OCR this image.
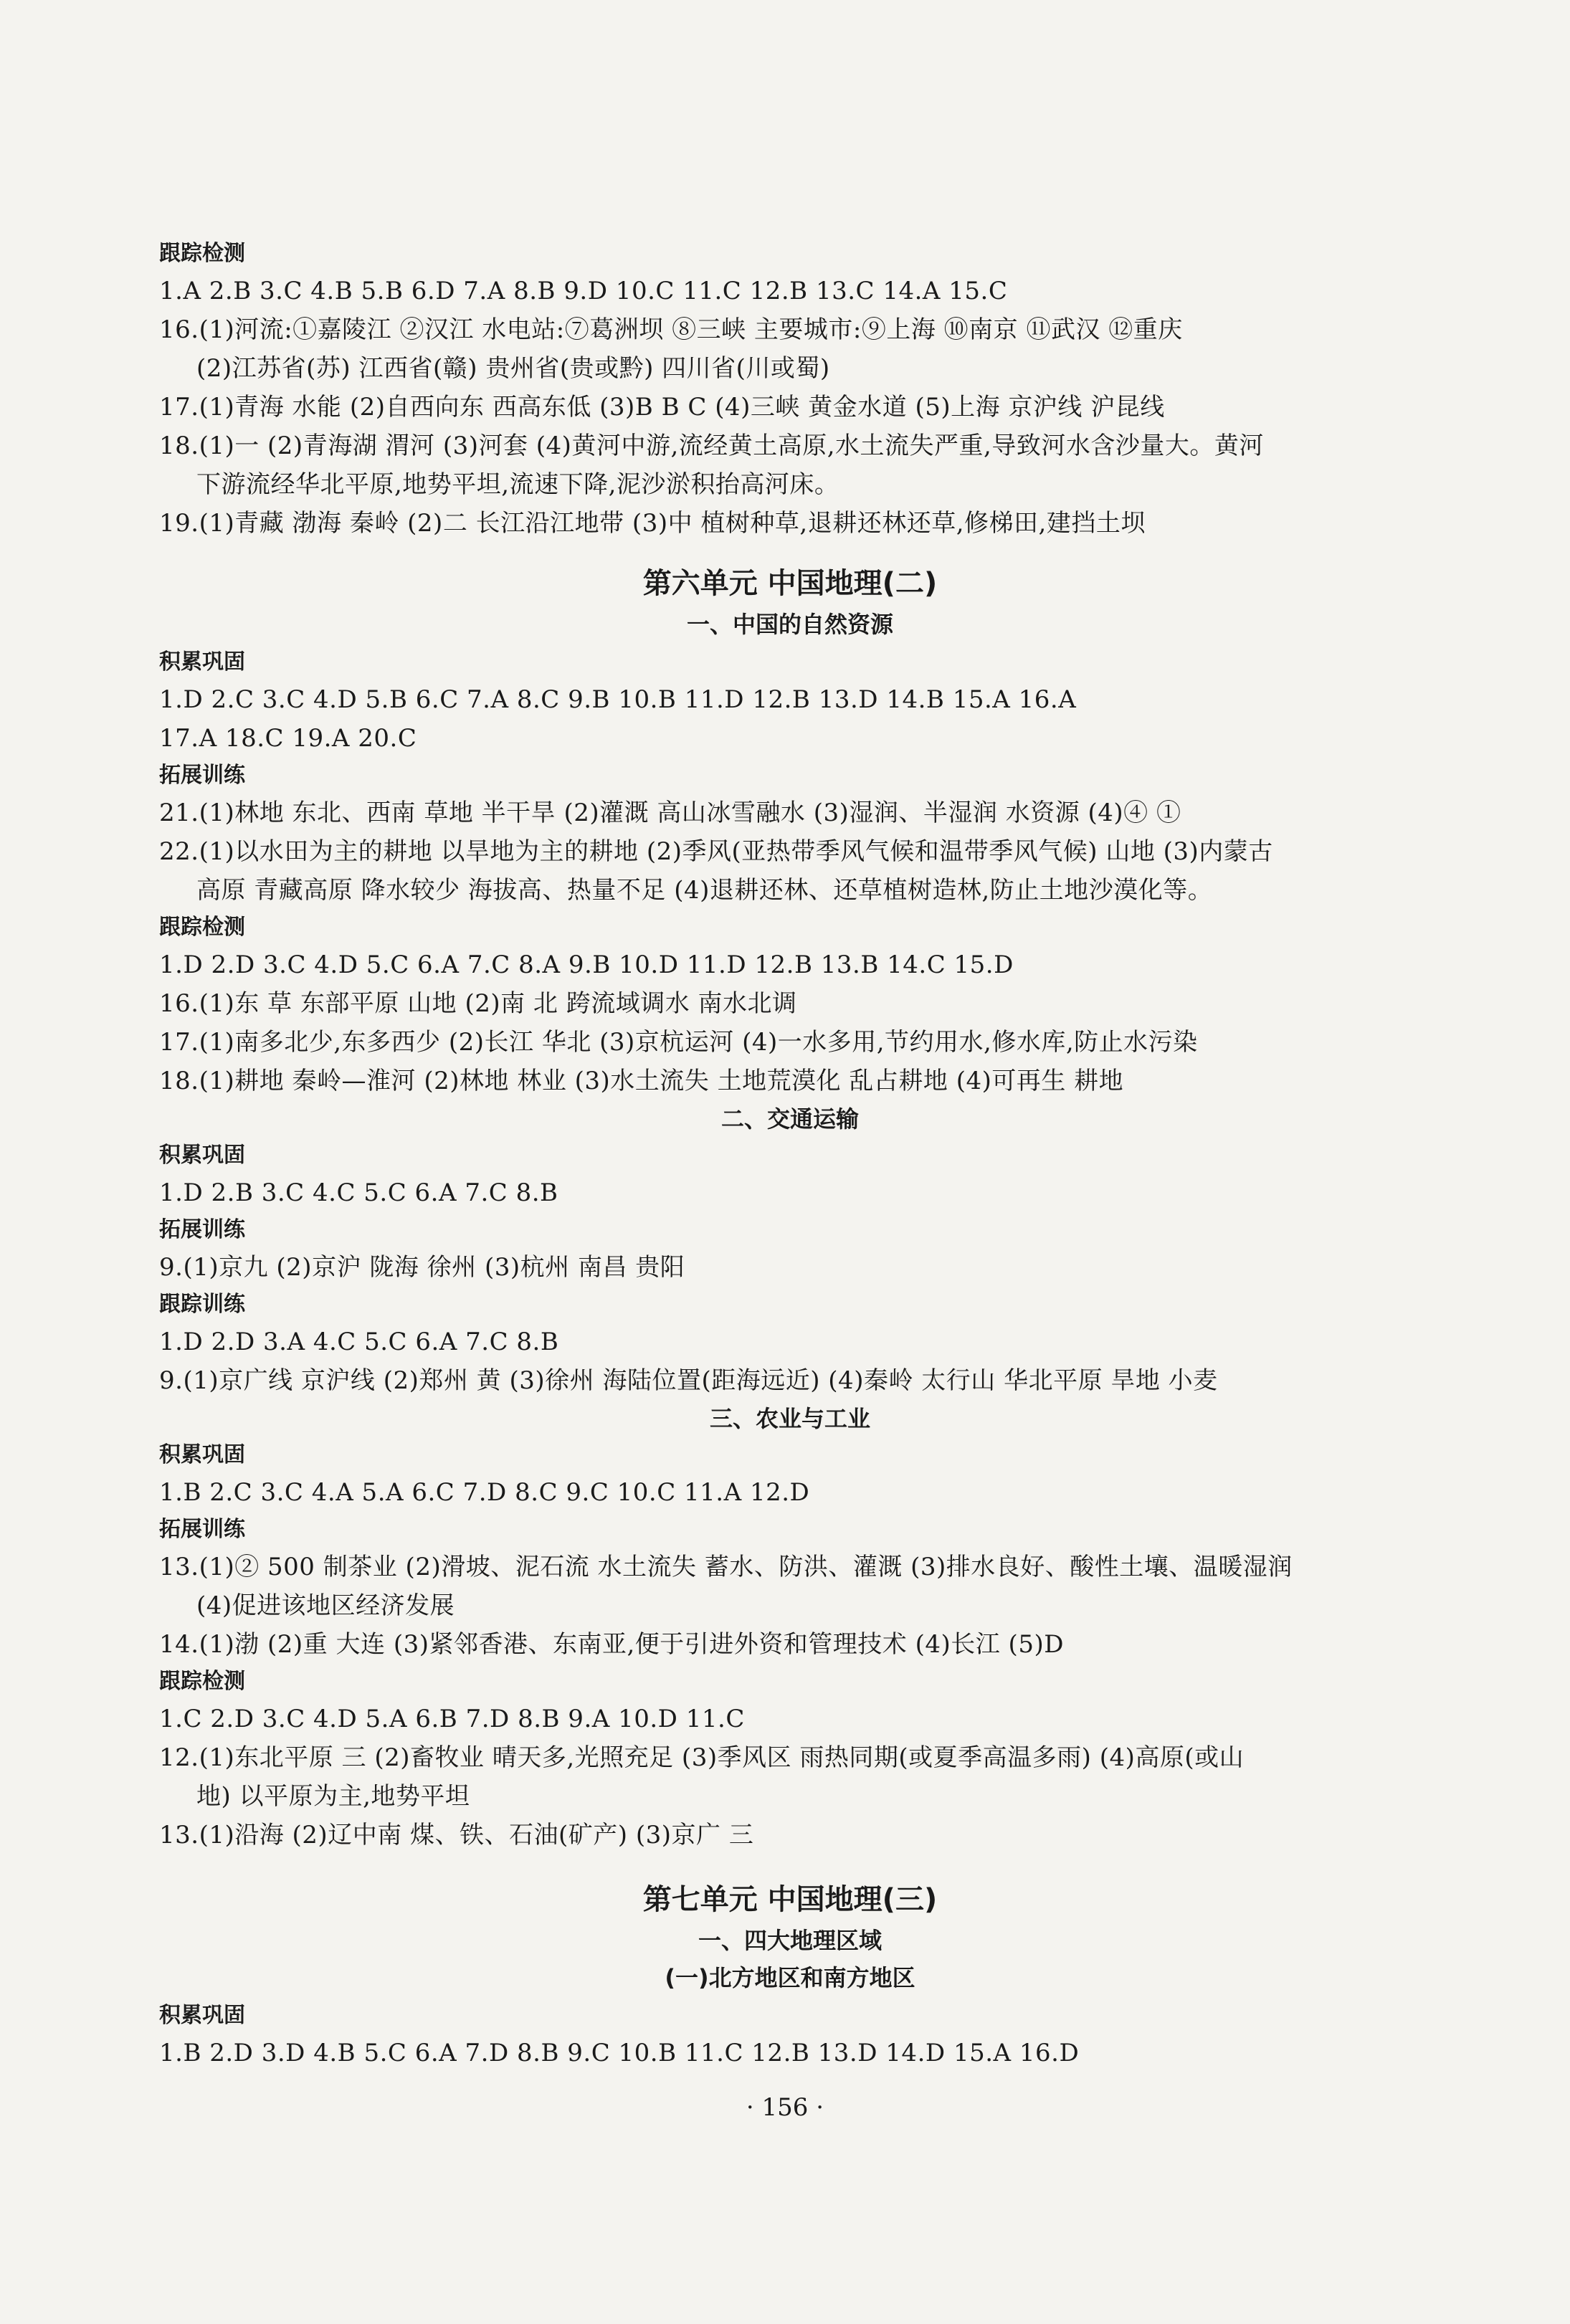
跟踪检测
1.A 2.B 3.C 4.B 5.B 6.D 7.A 8.B 9.D 10.C 11.C 12.B 13.C 14.A 15.C
16.(1)河流:①嘉陵江 ②汉江 水电站:⑦葛洲坝 ⑧三峡 主要城市:⑨上海 ⑩南京 ⑪武汉 ⑫重庆
(2)江苏省(苏) 江西省(赣) 贵州省(贵或黔) 四川省(川或蜀)
17.(1)青海 水能 (2)自西向东 西高东低 (3)B B C (4)三峡 黄金水道 (5)上海 京沪线 沪昆线
18.(1)一 (2)青海湖 渭河 (3)河套 (4)黄河中游,流经黄土高原,水土流失严重,导致河水含沙量大。黄河
下游流经华北平原,地势平坦,流速下降,泥沙淤积抬高河床。
19.(1)青藏 渤海 秦岭 (2)二 长江沿江地带 (3)中 植树种草,退耕还林还草,修梯田,建挡土坝
第六单元 中国地理(二)
一、中国的自然资源
积累巩固
1.D 2.C 3.C 4.D 5.B 6.C 7.A 8.C 9.B 10.B 11.D 12.B 13.D 14.B 15.A 16.A
17.A 18.C 19.A 20.C
拓展训练
21.(1)林地 东北、西南 草地 半干旱 (2)灌溉 高山冰雪融水 (3)湿润、半湿润 水资源 (4)④ ①
22.(1)以水田为主的耕地 以旱地为主的耕地 (2)季风(亚热带季风气候和温带季风气候) 山地 (3)内蒙古
高原 青藏高原 降水较少 海拔高、热量不足 (4)退耕还林、还草植树造林,防止土地沙漠化等。
跟踪检测
1.D 2.D 3.C 4.D 5.C 6.A 7.C 8.A 9.B 10.D 11.D 12.B 13.B 14.C 15.D
16.(1)东 草 东部平原 山地 (2)南 北 跨流域调水 南水北调
17.(1)南多北少,东多西少 (2)长江 华北 (3)京杭运河 (4)一水多用,节约用水,修水库,防止水污染
18.(1)耕地 秦岭—淮河 (2)林地 林业 (3)水土流失 土地荒漠化 乱占耕地 (4)可再生 耕地
二、交通运输
积累巩固
1.D 2.B 3.C 4.C 5.C 6.A 7.C 8.B
拓展训练
9.(1)京九 (2)京沪 陇海 徐州 (3)杭州 南昌 贵阳
跟踪训练
1.D 2.D 3.A 4.C 5.C 6.A 7.C 8.B
9.(1)京广线 京沪线 (2)郑州 黄 (3)徐州 海陆位置(距海远近) (4)秦岭 太行山 华北平原 旱地 小麦
三、农业与工业
积累巩固
1.B 2.C 3.C 4.A 5.A 6.C 7.D 8.C 9.C 10.C 11.A 12.D
拓展训练
13.(1)② 500 制茶业 (2)滑坡、泥石流 水土流失 蓄水、防洪、灌溉 (3)排水良好、酸性土壤、温暖湿润
(4)促进该地区经济发展
14.(1)渤 (2)重 大连 (3)紧邻香港、东南亚,便于引进外资和管理技术 (4)长江 (5)D
跟踪检测
1.C 2.D 3.C 4.D 5.A 6.B 7.D 8.B 9.A 10.D 11.C
12.(1)东北平原 三 (2)畜牧业 晴天多,光照充足 (3)季风区 雨热同期(或夏季高温多雨) (4)高原(或山
地) 以平原为主,地势平坦
13.(1)沿海 (2)辽中南 煤、铁、石油(矿产) (3)京广 三
第七单元 中国地理(三)
一、四大地理区域
(一)北方地区和南方地区
积累巩固
1.B 2.D 3.D 4.B 5.C 6.A 7.D 8.B 9.C 10.B 11.C 12.B 13.D 14.D 15.A 16.D
· 156 ·
